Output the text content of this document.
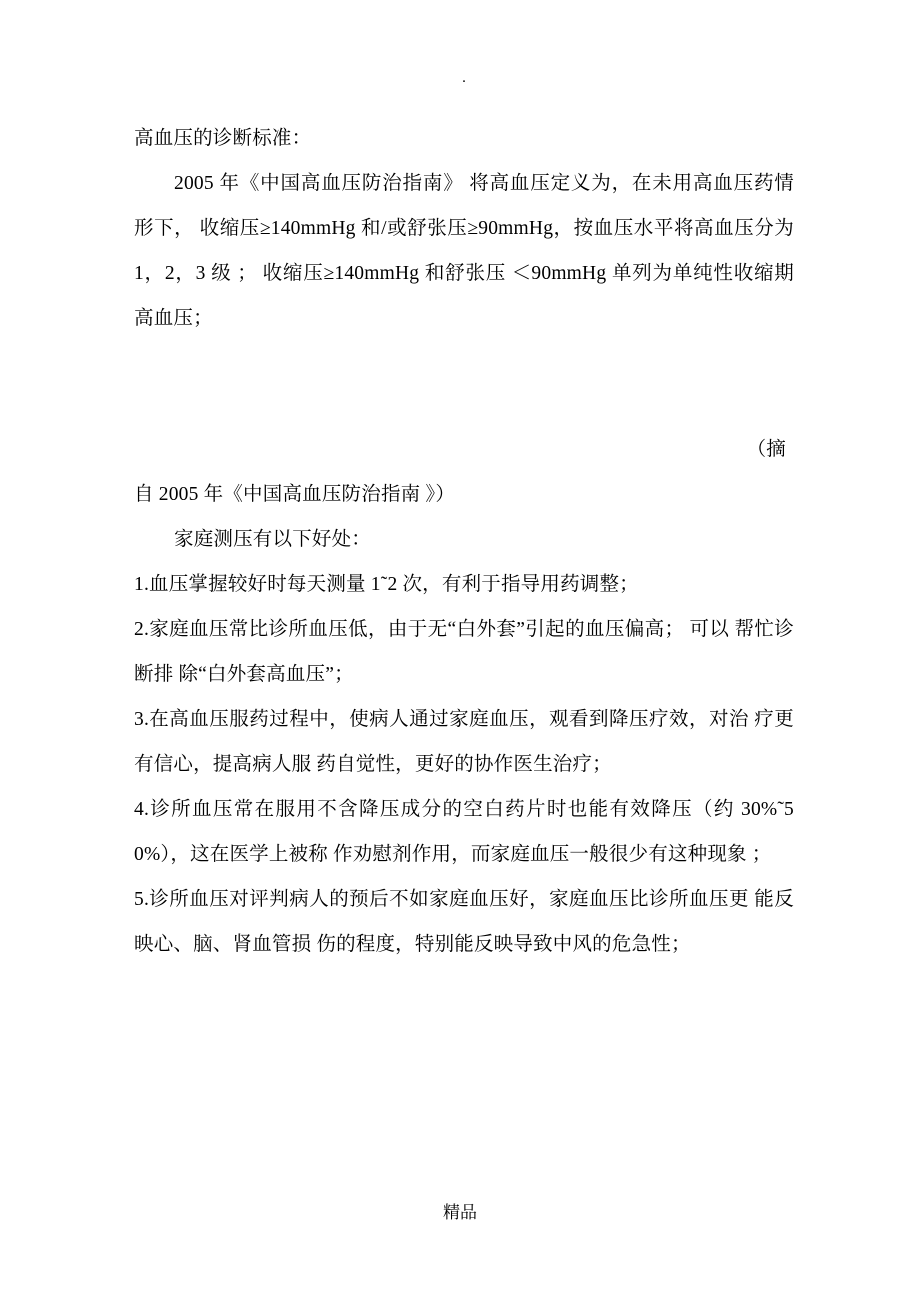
.

高血压的诊断标准：

2005 年《中国高血压防治指南》 将高血压定义为，在未用高血压药情形下， 收缩压≥140mmHg 和/或舒张压≥90mmHg，按血压水平将高血压分为 1，2，3 级 ； 收缩压≥140mmHg 和舒张压 ＜90mmHg 单列为单纯性收缩期高血压；

（摘

自 2005 年《中国高血压防治指南 》）

家庭测压有以下好处：

1.血压掌握较好时每天测量 1˜2 次，有利于指导用药调整；

2.家庭血压常比诊所血压低，由于无“白外套”引起的血压偏高； 可以 帮忙诊断排 除“白外套高血压”；

3.在高血压服药过程中，使病人通过家庭血压，观看到降压疗效，对治 疗更有信心，提高病人服 药自觉性，更好的协作医生治疗；

4.诊所血压常在服用不含降压成分的空白药片时也能有效降压（约 30%˜50%），这在医学上被称 作劝慰剂作用，而家庭血压一般很少有这种现象 ；

5.诊所血压对评判病人的预后不如家庭血压好，家庭血压比诊所血压更 能反映心、脑、肾血管损 伤的程度，特别能反映导致中风的危急性；

精品
